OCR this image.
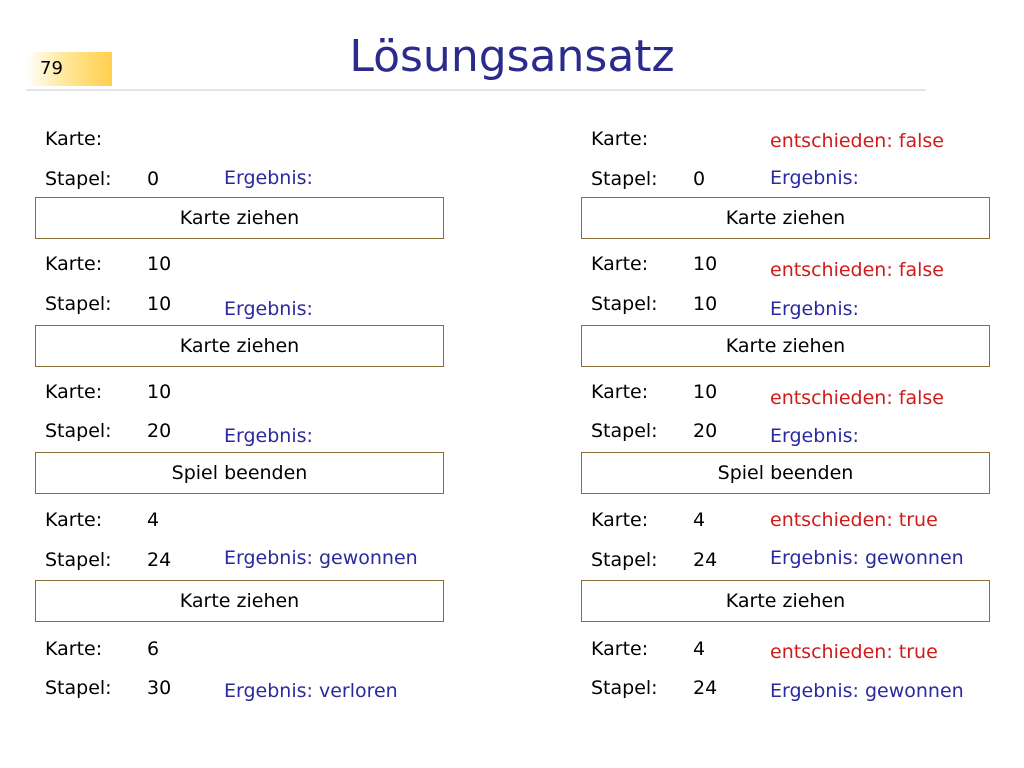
79	Lösungsansatz
Karte:
Stapel: 0	Ergebnis:
Karte ziehen
Karte: 10
Stapel: 10	Ergebnis:
Karte ziehen
Karte: 10
Stapel: 20	Ergebnis:
Spiel beenden
Karte: 4
Stapel: 24	Ergebnis: gewonnen
Karte ziehen
Karte: 6
Stapel: 30	Ergebnis: verloren
Karte:	entschieden: false
Stapel: 0	Ergebnis:
Karte ziehen
Karte: 10	entschieden: false
Stapel: 10	Ergebnis:
Karte ziehen
Karte: 10	entschieden: false
Stapel: 20	Ergebnis:
Spiel beenden
Karte: 4	entschieden: true
Stapel: 24	Ergebnis: gewonnen
Karte ziehen
Karte: 4	entschieden: true
Stapel: 24	Ergebnis: gewonnen
